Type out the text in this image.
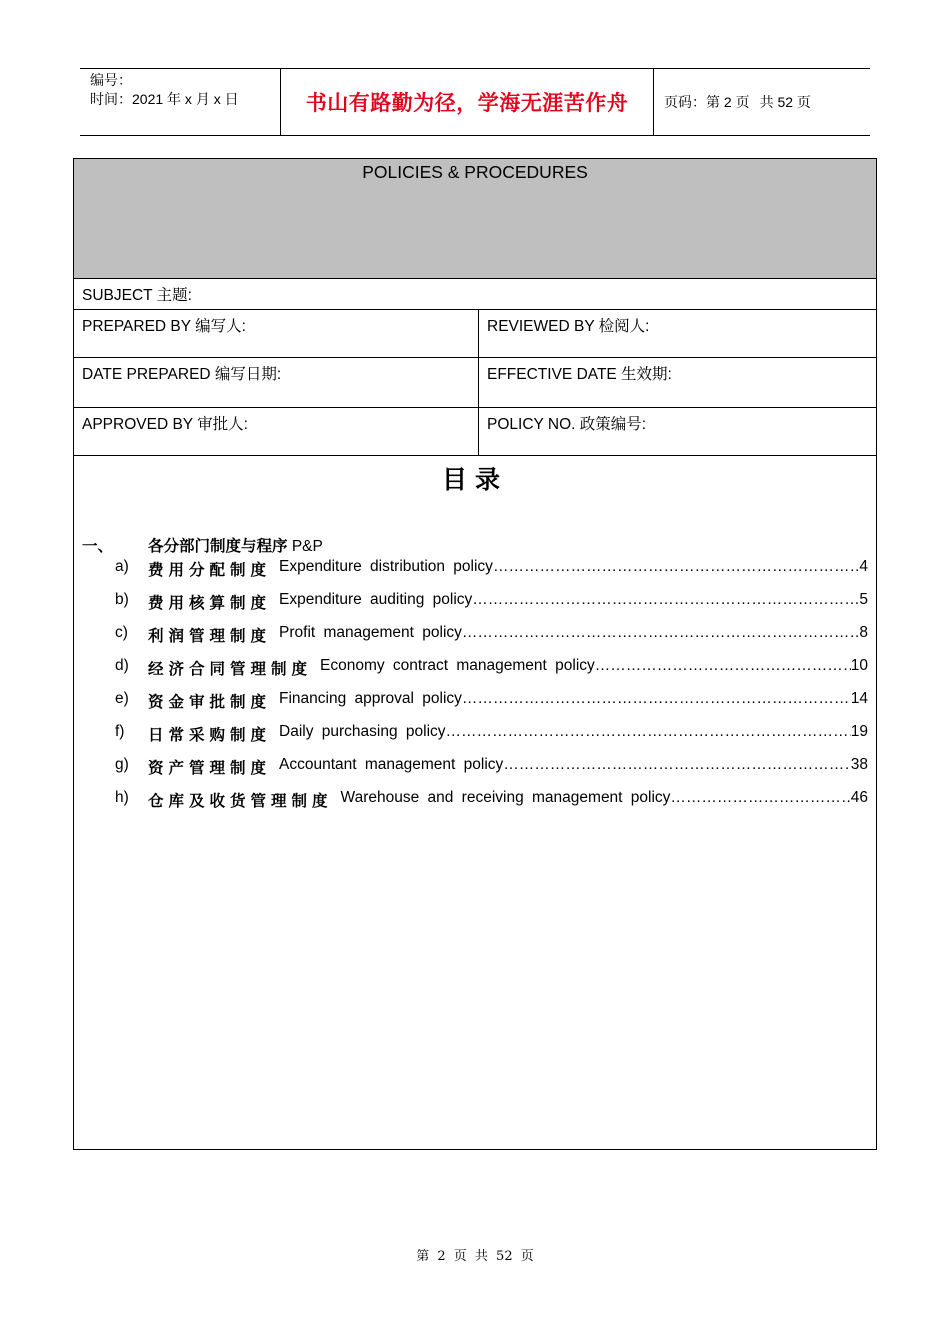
编号：
时间：2021 年 x 月 x 日	书山有路勤为径，学海无涯苦作舟	页码：第 2 页 共 52 页
POLICIES & PROCEDURES
SUBJECT 主题:
PREPARED BY 编写人:	REVIEWED BY 检阅人:
DATE PREPARED 编写日期:	EFFECTIVE DATE 生效期:
APPROVED BY 审批人:	POLICY NO. 政策编号:
目录
一、 各分部门制度与程序 P&P
a) 费用分配制度 Expenditure distribution policy ……………………………………………………………………………………………………………………	4
b) 费用核算制度 Expenditure auditing policy ……………………………………………………………………………………………………………………	5
c) 利润管理制度 Profit management policy ……………………………………………………………………………………………………………………	8
d) 经济合同管理制度 Economy contract management policy ……………………………………………………………………………………………………………………	10
e) 资金审批制度 Financing approval policy ……………………………………………………………………………………………………………………	14
f) 日常采购制度 Daily purchasing policy ……………………………………………………………………………………………………………………	19
g) 资产管理制度 Accountant management policy ……………………………………………………………………………………………………………………	38
h) 仓库及收货管理制度 Warehouse and receiving management policy ……………………………………………………………………………………………………………………	46
第 2 页 共 52 页
